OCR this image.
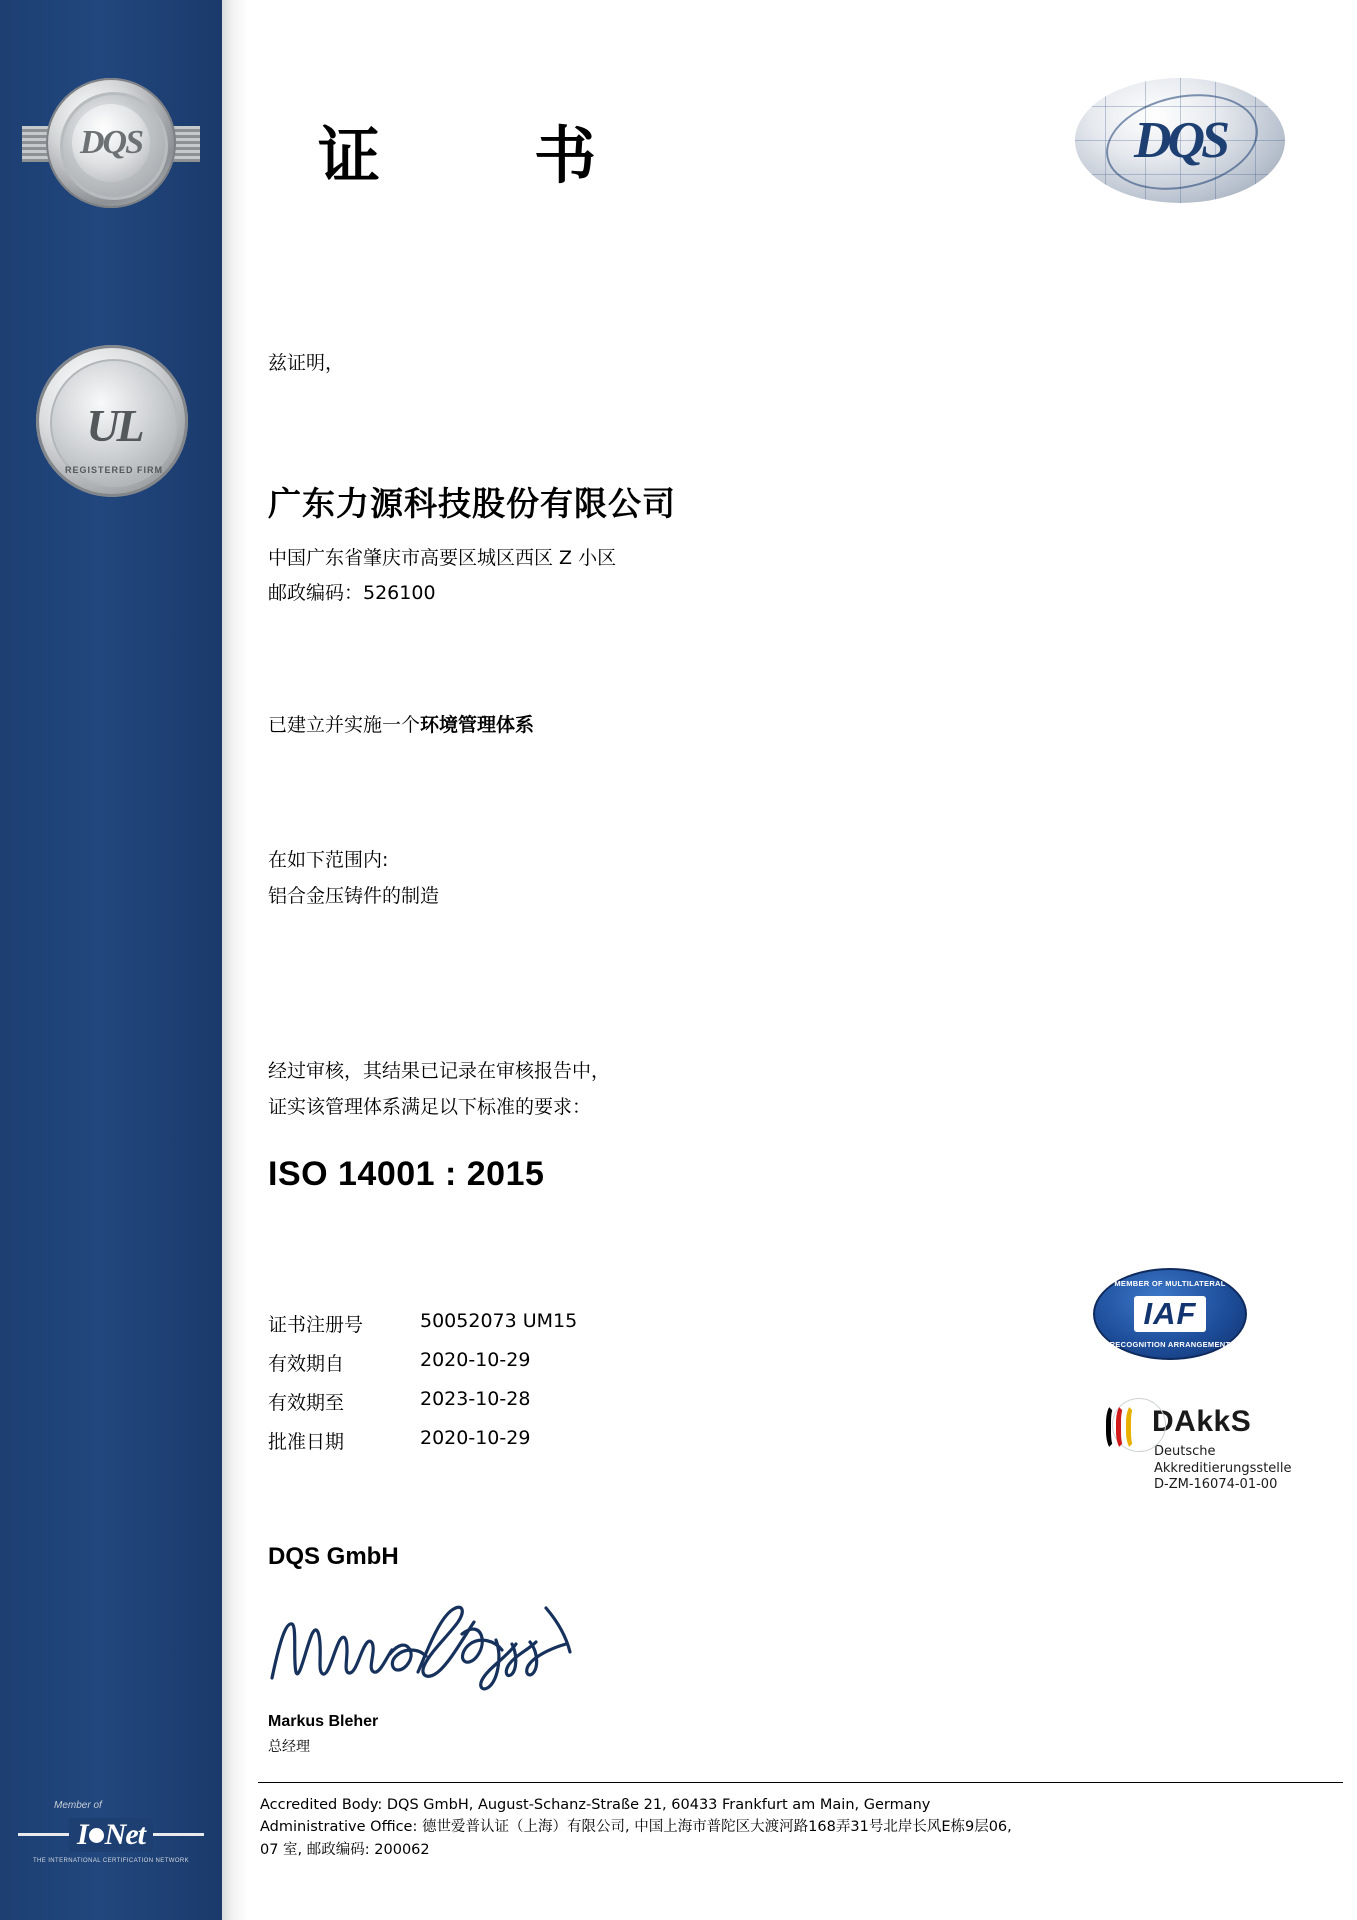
DQS
UL
REGISTERED FIRM
Member of
I Net
THE INTERNATIONAL CERTIFICATION NETWORK
证　书	DQS
兹证明，
广东力源科技股份有限公司
中国广东省肇庆市高要区城区西区 Z 小区
邮政编码：526100
已建立并实施一个环境管理体系
在如下范围内:
铝合金压铸件的制造
经过审核，其结果已记录在审核报告中，
证实该管理体系满足以下标准的要求：
ISO 14001 : 2015
证书注册号	50052073 UM15
有效期自	2020-10-29
有效期至	2023-10-28
批准日期	2020-10-29
MEMBER OF MULTILATERAL
IAF
RECOGNITION ARRANGEMENT
DAkkS
Deutsche
Akkreditierungsstelle
D-ZM-16074-01-00
DQS GmbH
Markus Bleher
总经理
Accredited Body: DQS GmbH, August-Schanz-Straße 21, 60433 Frankfurt am Main, Germany
Administrative Office: 德世爱普认证（上海）有限公司, 中国上海市普陀区大渡河路168弄31号北岸长风E栋9层06,
07 室, 邮政编码: 200062
